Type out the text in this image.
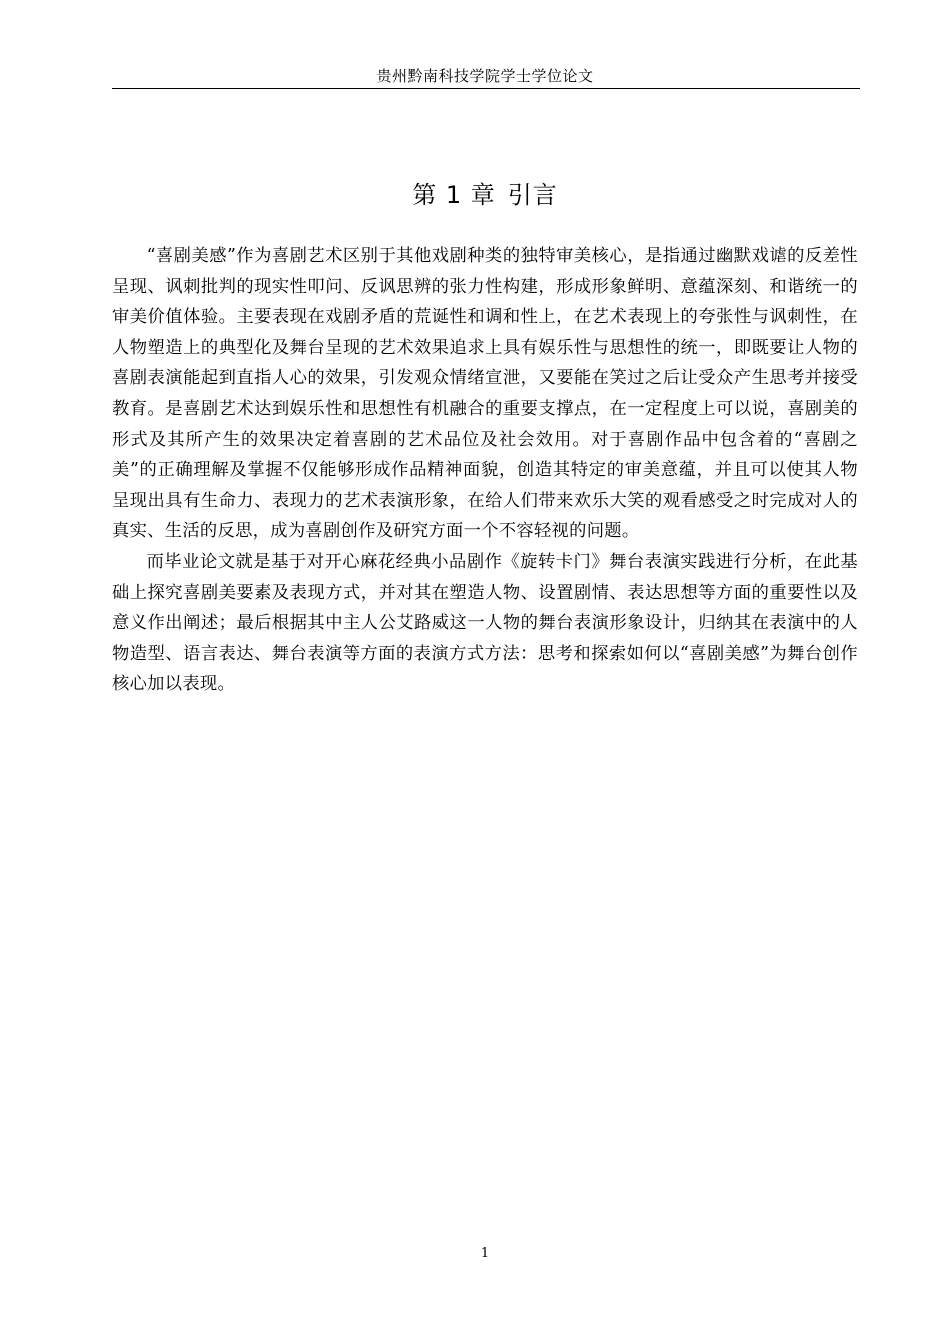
贵州黔南科技学院学士学位论文
第 1 章 引言

“喜剧美感”作为喜剧艺术区别于其他戏剧种类的独特审美核心，是指通过幽默戏谑的反差性呈现、讽刺批判的现实性叩问、反讽思辨的张力性构建，形成形象鲜明、意蕴深刻、和谐统一的审美价值体验。主要表现在戏剧矛盾的荒诞性和调和性上，在艺术表现上的夸张性与讽刺性，在人物塑造上的典型化及舞台呈现的艺术效果追求上具有娱乐性与思想性的统一，即既要让人物的喜剧表演能起到直指人心的效果，引发观众情绪宣泄，又要能在笑过之后让受众产生思考并接受教育。是喜剧艺术达到娱乐性和思想性有机融合的重要支撑点，在一定程度上可以说，喜剧美的形式及其所产生的效果决定着喜剧的艺术品位及社会效用。对于喜剧作品中包含着的“喜剧之美”的正确理解及掌握不仅能够形成作品精神面貌，创造其特定的审美意蕴，并且可以使其人物呈现出具有生命力、表现力的艺术表演形象，在给人们带来欢乐大笑的观看感受之时完成对人的真实、生活的反思，成为喜剧创作及研究方面一个不容轻视的问题。

而毕业论文就是基于对开心麻花经典小品剧作《旋转卡门》舞台表演实践进行分析，在此基础上探究喜剧美要素及表现方式，并对其在塑造人物、设置剧情、表达思想等方面的重要性以及意义作出阐述；最后根据其中主人公艾路威这一人物的舞台表演形象设计，归纳其在表演中的人物造型、语言表达、舞台表演等方面的表演方式方法：思考和探索如何以“喜剧美感”为舞台创作核心加以表现。

1
